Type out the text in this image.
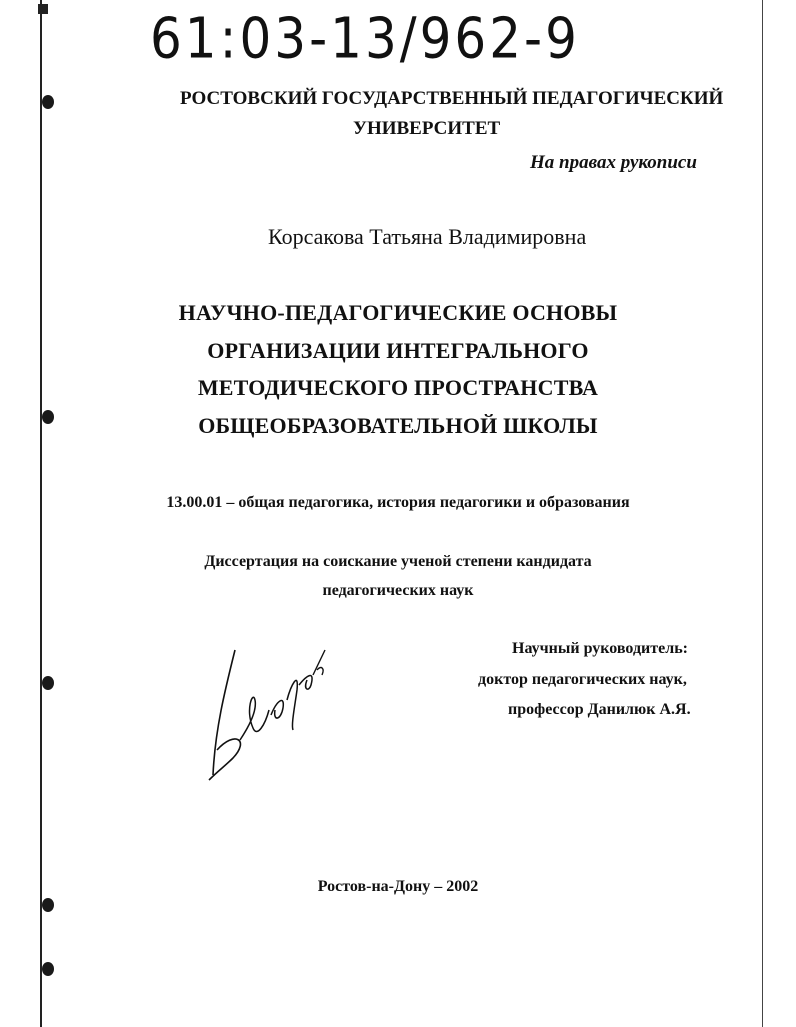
61:03-13/962-9
РОСТОВСКИЙ ГОСУДАРСТВЕННЫЙ ПЕДАГОГИЧЕСКИЙ
УНИВЕРСИТЕТ
На правах рукописи
Корсакова Татьяна Владимировна
НАУЧНО-ПЕДАГОГИЧЕСКИЕ ОСНОВЫ
ОРГАНИЗАЦИИ ИНТЕГРАЛЬНОГО
МЕТОДИЧЕСКОГО ПРОСТРАНСТВА
ОБЩЕОБРАЗОВАТЕЛЬНОЙ ШКОЛЫ
13.00.01 – общая педагогика, история педагогики и образования
Диссертация на соискание ученой степени кандидата
педагогических наук
Научный руководитель:
доктор педагогических наук,
профессор Данилюк А.Я.
Ростов-на-Дону – 2002
